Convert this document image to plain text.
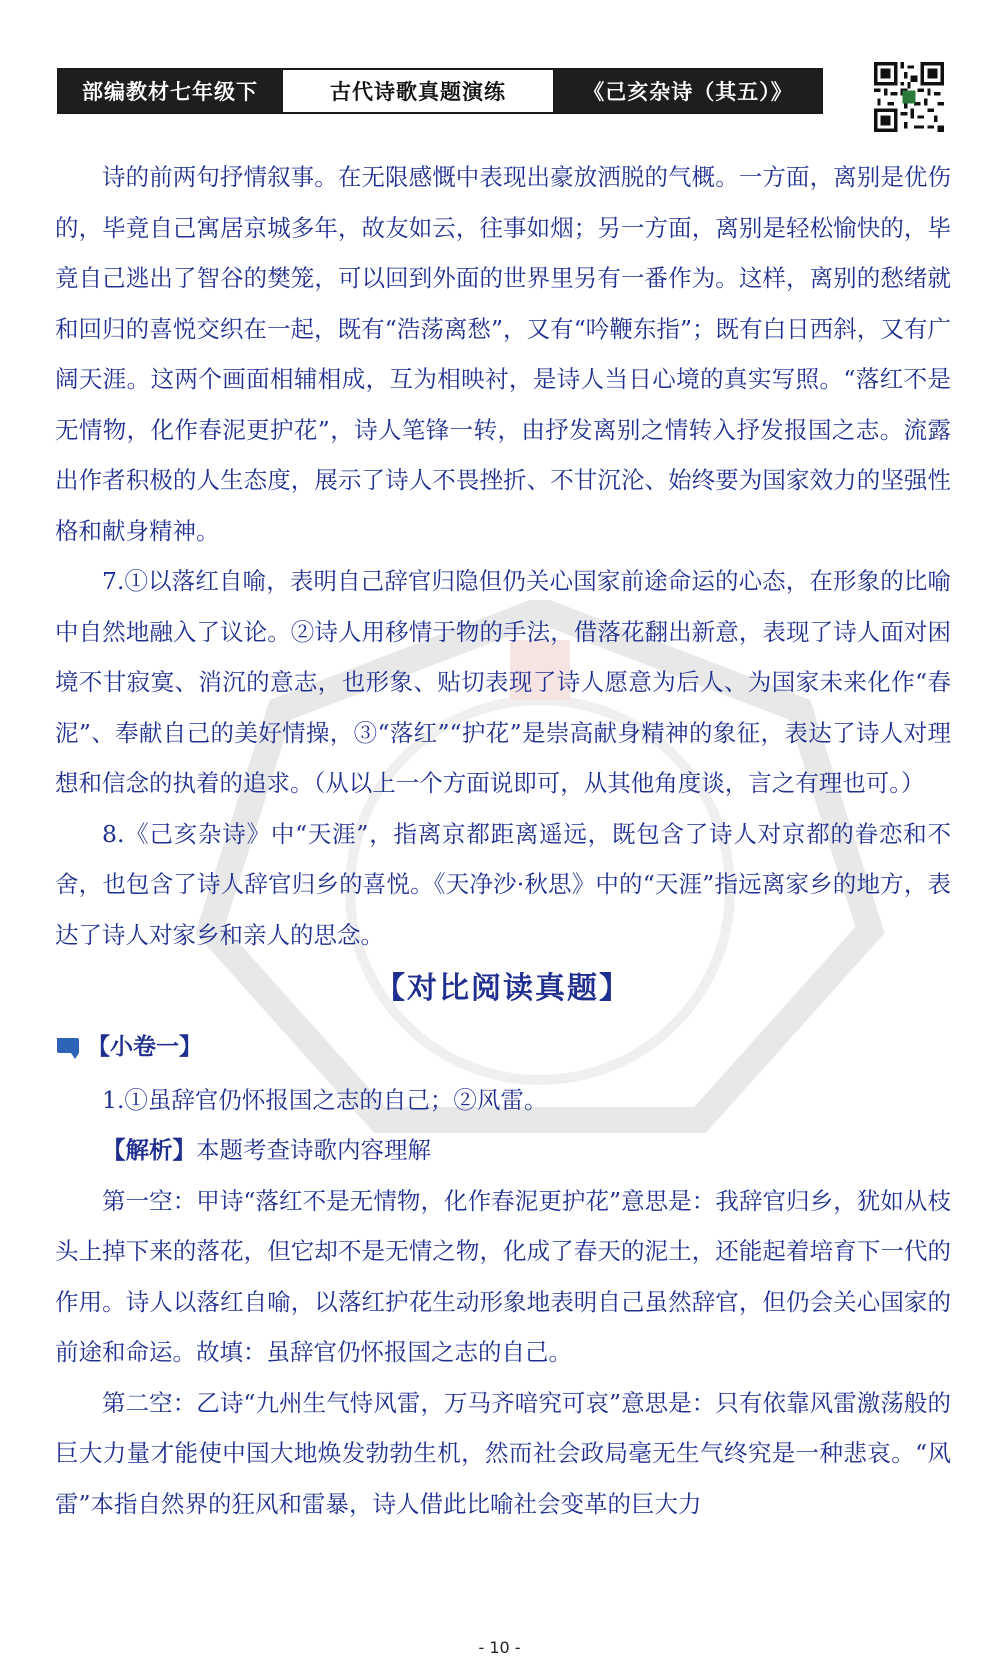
部编教材七年级下	古代诗歌真题演练	《己亥杂诗（其五）》

诗的前两句抒情叙事。在无限感慨中表现出豪放洒脱的气概。一方面，离别是优伤的，毕竟自己寓居京城多年，故友如云，往事如烟；另一方面，离别是轻松愉快的，毕竟自己逃出了智谷的樊笼，可以回到外面的世界里另有一番作为。这样，离别的愁绪就和回归的喜悦交织在一起，既有“浩荡离愁”，又有“吟鞭东指”；既有白日西斜，又有广阔天涯。这两个画面相辅相成，互为相映衬，是诗人当日心境的真实写照。“落红不是无情物，化作春泥更护花”，诗人笔锋一转，由抒发离别之情转入抒发报国之志。流露出作者积极的人生态度，展示了诗人不畏挫折、不甘沉沦、始终要为国家效力的坚强性格和献身精神。

7.①以落红自喻，表明自己辞官归隐但仍关心国家前途命运的心态，在形象的比喻中自然地融入了议论。②诗人用移情于物的手法，借落花翻出新意，表现了诗人面对困境不甘寂寞、消沉的意志，也形象、贴切表现了诗人愿意为后人、为国家未来化作“春泥”、奉献自己的美好情操，③“落红”“护花”是崇高献身精神的象征，表达了诗人对理想和信念的执着的追求。（从以上一个方面说即可，从其他角度谈，言之有理也可。）

8.《己亥杂诗》中“天涯”，指离京都距离遥远，既包含了诗人对京都的眷恋和不舍，也包含了诗人辞官归乡的喜悦。《天净沙·秋思》中的“天涯”指远离家乡的地方，表达了诗人对家乡和亲人的思念。

【对比阅读真题】
【小卷一】

1.①虽辞官仍怀报国之志的自己；②风雷。

【解析】本题考查诗歌内容理解

第一空：甲诗“落红不是无情物，化作春泥更护花”意思是：我辞官归乡，犹如从枝头上掉下来的落花，但它却不是无情之物，化成了春天的泥土，还能起着培育下一代的作用。诗人以落红自喻，以落红护花生动形象地表明自己虽然辞官，但仍会关心国家的前途和命运。故填：虽辞官仍怀报国之志的自己。

第二空：乙诗“九州生气恃风雷，万马齐喑究可哀”意思是：只有依靠风雷激荡般的巨大力量才能使中国大地焕发勃勃生机，然而社会政局毫无生气终究是一种悲哀。“风雷”本指自然界的狂风和雷暴，诗人借此比喻社会变革的巨大力

- 10 -
